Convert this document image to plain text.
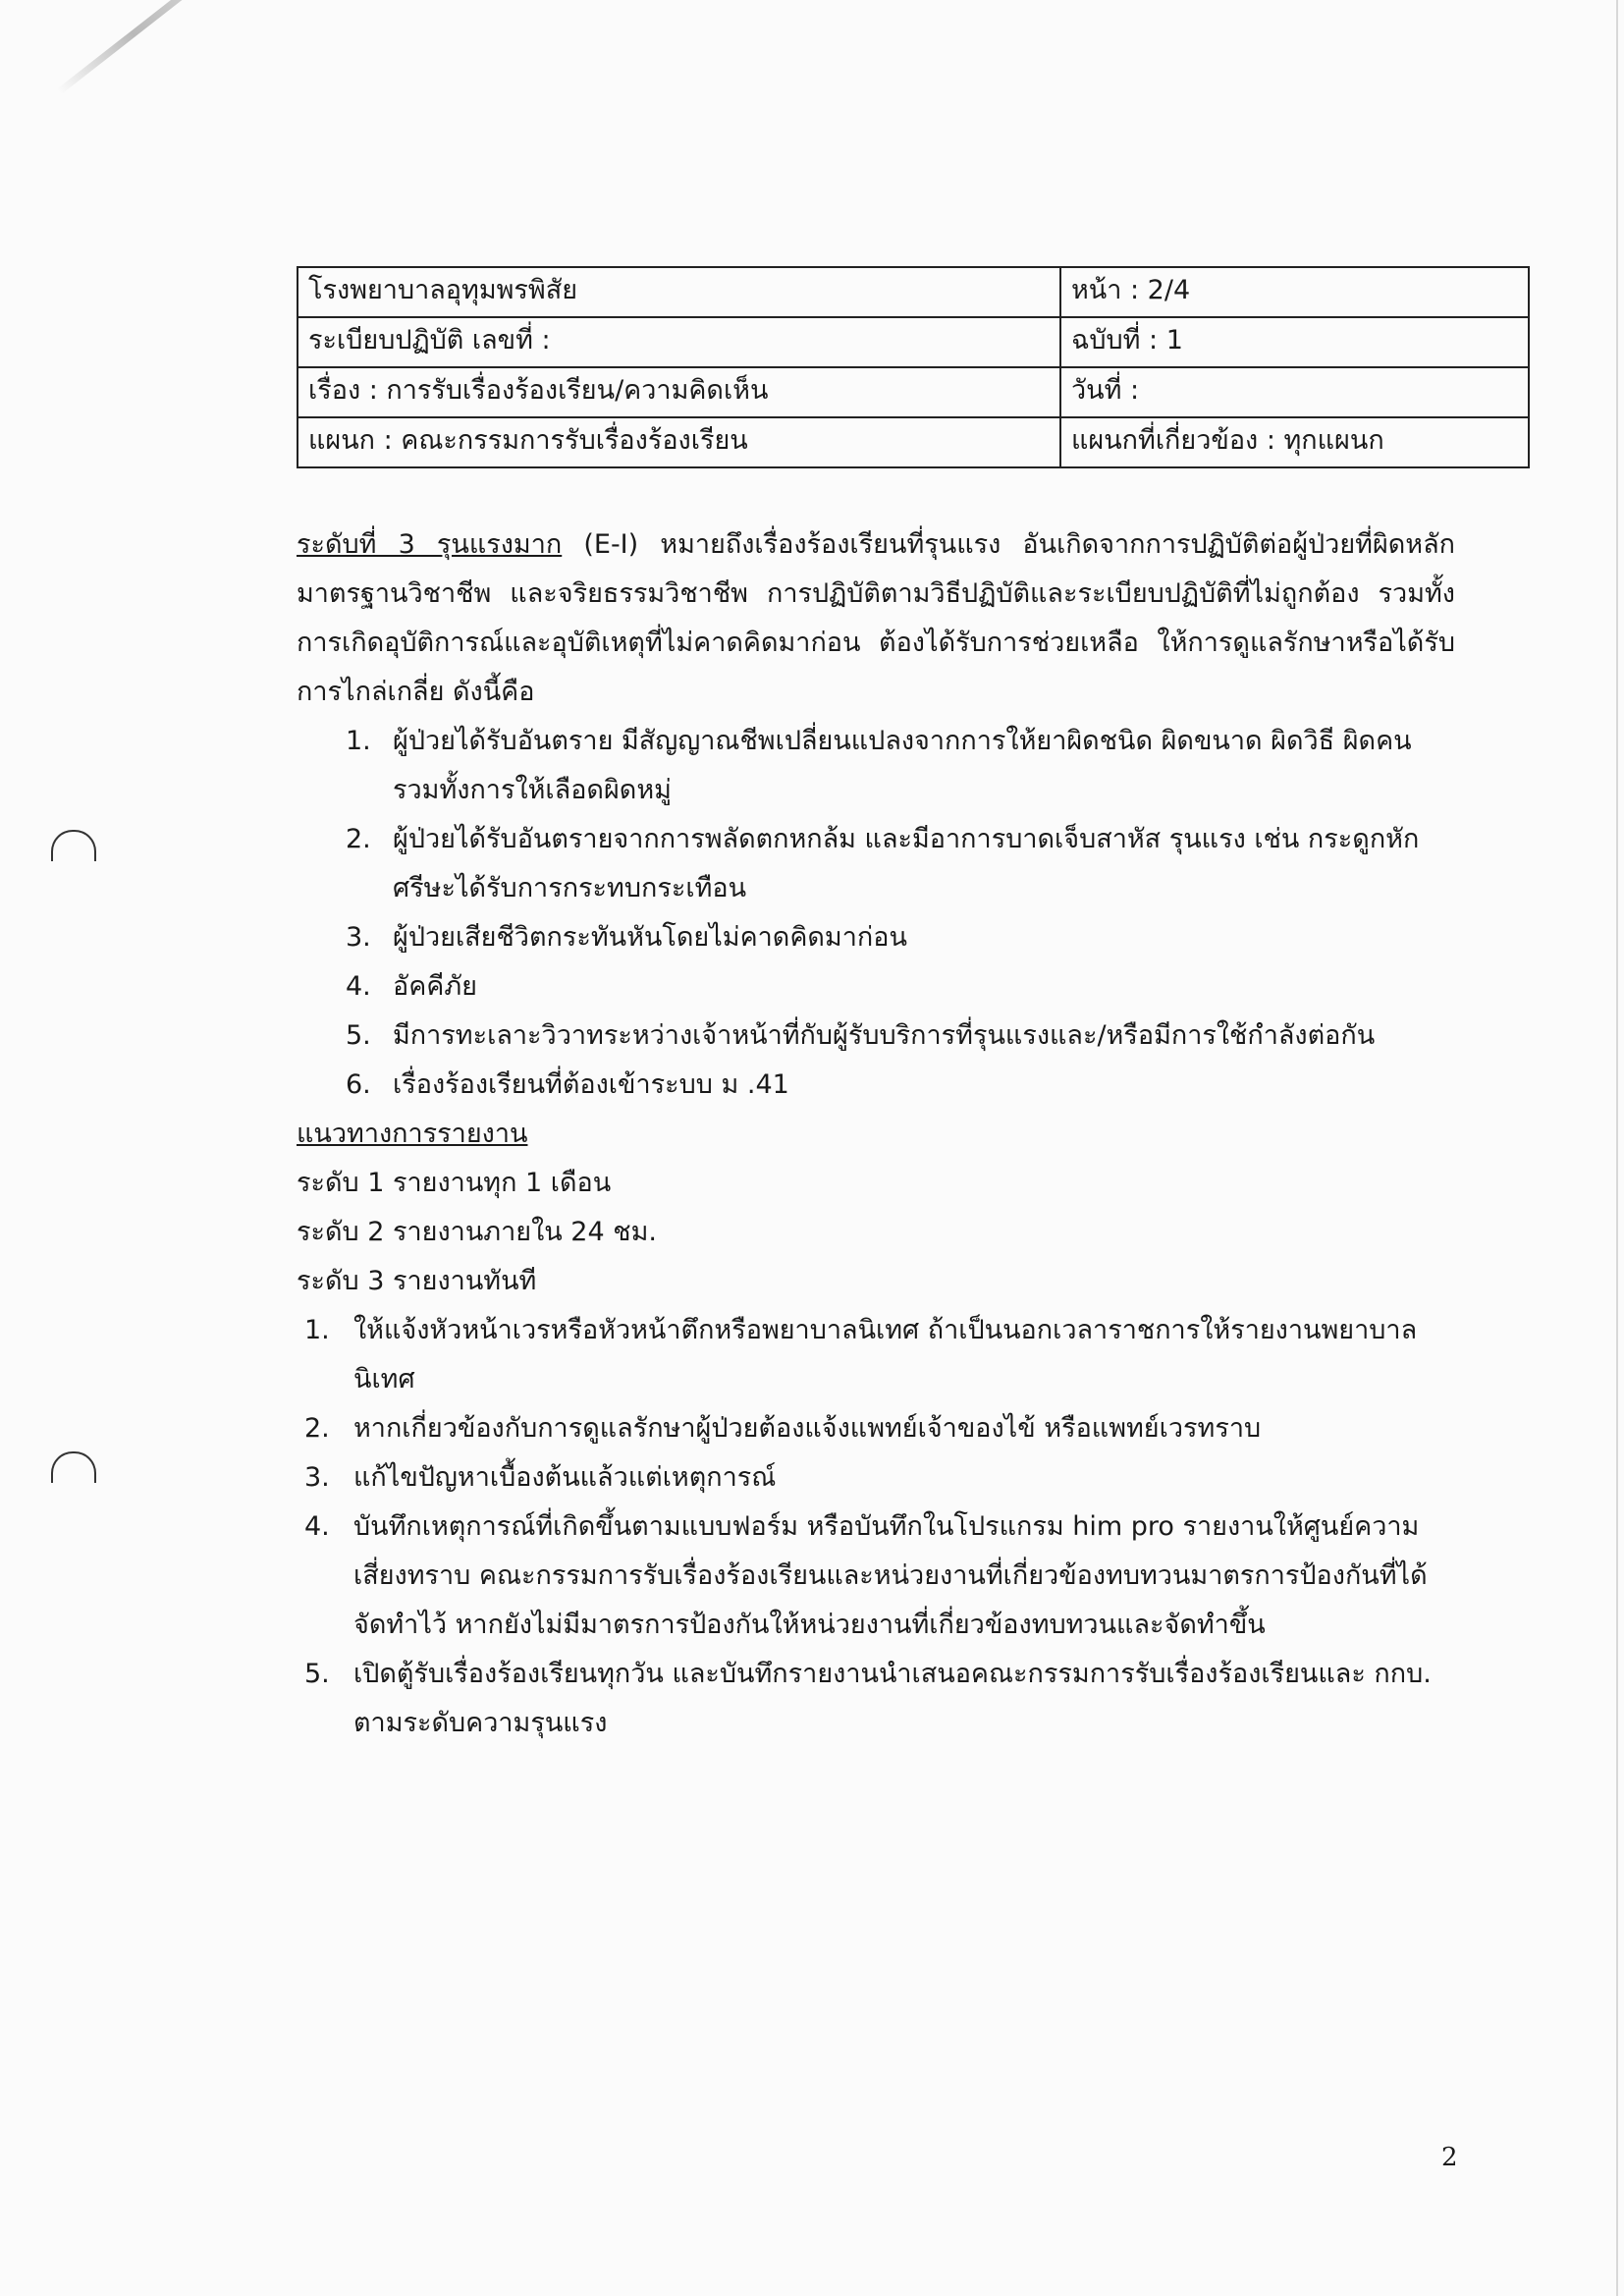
โรงพยาบาลอุทุมพรพิสัย	หน้า : 2/4
ระเบียบปฏิบัติ เลขที่ :	ฉบับที่ : 1
เรื่อง : การรับเรื่องร้องเรียน/ความคิดเห็น	วันที่ :
แผนก : คณะกรรมการรับเรื่องร้องเรียน	แผนกที่เกี่ยวข้อง : ทุกแผนก

ระดับที่ 3 รุนแรงมาก (E-I) หมายถึงเรื่องร้องเรียนที่รุนแรง อันเกิดจากการปฏิบัติต่อผู้ป่วยที่ผิดหลักมาตรฐานวิชาชีพ และจริยธรรมวิชาชีพ การปฏิบัติตามวิธีปฏิบัติและระเบียบปฏิบัติที่ไม่ถูกต้อง รวมทั้งการเกิดอุบัติการณ์และอุบัติเหตุที่ไม่คาดคิดมาก่อน ต้องได้รับการช่วยเหลือ ให้การดูแลรักษาหรือได้รับการไกล่เกลี่ย ดังนี้คือ

1. ผู้ป่วยได้รับอันตราย มีสัญญาณชีพเปลี่ยนแปลงจากการให้ยาผิดชนิด ผิดขนาด ผิดวิธี ผิดคน รวมทั้งการให้เลือดผิดหมู่
2. ผู้ป่วยได้รับอันตรายจากการพลัดตกหกล้ม และมีอาการบาดเจ็บสาหัส รุนแรง เช่น กระดูกหัก ศรีษะได้รับการกระทบกระเทือน
3. ผู้ป่วยเสียชีวิตกระทันหันโดยไม่คาดคิดมาก่อน
4. อัคคีภัย
5. มีการทะเลาะวิวาทระหว่างเจ้าหน้าที่กับผู้รับบริการที่รุนแรงและ/หรือมีการใช้กำลังต่อกัน
6. เรื่องร้องเรียนที่ต้องเข้าระบบ ม .41

แนวทางการรายงาน

ระดับ 1 รายงานทุก 1 เดือน

ระดับ 2 รายงานภายใน 24 ชม.

ระดับ 3 รายงานทันที

1. ให้แจ้งหัวหน้าเวรหรือหัวหน้าตึกหรือพยาบาลนิเทศ ถ้าเป็นนอกเวลาราชการให้รายงานพยาบาลนิเทศ
2. หากเกี่ยวข้องกับการดูแลรักษาผู้ป่วยต้องแจ้งแพทย์เจ้าของไข้ หรือแพทย์เวรทราบ
3. แก้ไขปัญหาเบื้องต้นแล้วแต่เหตุการณ์
4. บันทึกเหตุการณ์ที่เกิดขึ้นตามแบบฟอร์ม หรือบันทึกในโปรแกรม him pro รายงานให้ศูนย์ความเสี่ยงทราบ คณะกรรมการรับเรื่องร้องเรียนและหน่วยงานที่เกี่ยวข้องทบทวนมาตรการป้องกันที่ได้จัดทำไว้ หากยังไม่มีมาตรการป้องกันให้หน่วยงานที่เกี่ยวข้องทบทวนและจัดทำขึ้น
5. เปิดตู้รับเรื่องร้องเรียนทุกวัน และบันทึกรายงานนำเสนอคณะกรรมการรับเรื่องร้องเรียนและ กกบ. ตามระดับความรุนแรง
2
